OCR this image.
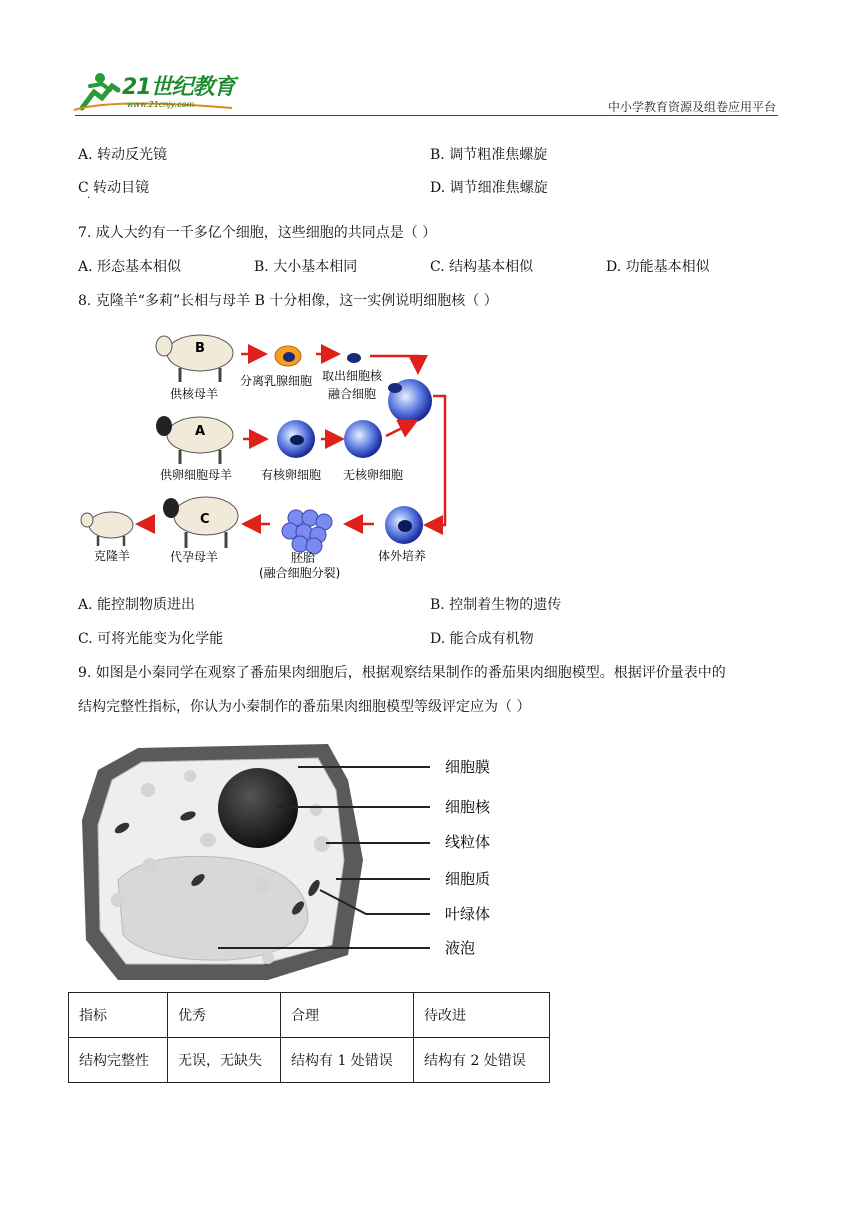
21世纪教育
www.21cnjy.com	中小学教育资源及组卷应用平台
A. 转动反光镜	B. 调节粗准焦螺旋
C 转动目镜
·
D. 调节细准焦螺旋
7. 成人大约有一千多亿个细胞，这些细胞的共同点是（ ）
A. 形态基本相似	B. 大小基本相同	C. 结构基本相似	D. 功能基本相似
8. 克隆羊“多莉”长相与母羊 B 十分相像，这一实例说明细胞核（ ）
B
供核母羊
分离乳腺细胞 取出细胞核
融合细胞
A
供卵细胞母羊 有核卵细胞 无核卵细胞
体外培养
胚胎
(融合细胞分裂)
C
代孕母羊
克隆羊
A. 能控制物质进出	B. 控制着生物的遗传
C. 可将光能变为化学能	D. 能合成有机物
9. 如图是小秦同学在观察了番茄果肉细胞后，根据观察结果制作的番茄果肉细胞模型。根据评价量表中的
结构完整性指标，你认为小秦制作的番茄果肉细胞模型等级评定应为（ ）
细胞膜
细胞核
线粒体
细胞质
叶绿体
液泡
指标	优秀	合理	待改进
结构完整性	无误，无缺失	结构有 1 处错误	结构有 2 处错误
